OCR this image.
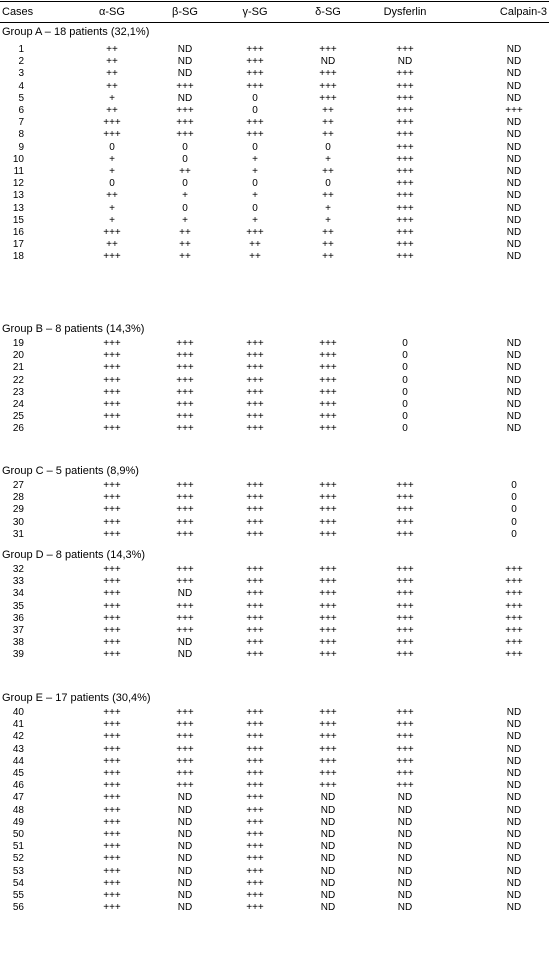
Cases	α-SG	β-SG	γ-SG	δ-SG	Dysferlin	Calpain-3
Group A – 18 patients (32,1%)
1	++	ND	+++	+++	+++	ND
2	++	ND	+++	ND	ND	ND
3	++	ND	+++	+++	+++	ND
4	++	+++	+++	+++	+++	ND
5	+	ND	0	+++	+++	ND
6	++	+++	0	++	+++	+++
7	+++	+++	+++	++	+++	ND
8	+++	+++	+++	++	+++	ND
9	0	0	0	0	+++	ND
10	+	0	+	+	+++	ND
11	+	++	+	++	+++	ND
12	0	0	0	0	+++	ND
13	++	+	+	++	+++	ND
13	+	0	0	+	+++	ND
15	+	+	+	+	+++	ND
16	+++	++	+++	++	+++	ND
17	++	++	++	++	+++	ND
18	+++	++	++	++	+++	ND
Group B – 8 patients (14,3%)
19	+++	+++	+++	+++	0	ND
20	+++	+++	+++	+++	0	ND
21	+++	+++	+++	+++	0	ND
22	+++	+++	+++	+++	0	ND
23	+++	+++	+++	+++	0	ND
24	+++	+++	+++	+++	0	ND
25	+++	+++	+++	+++	0	ND
26	+++	+++	+++	+++	0	ND
Group C – 5 patients (8,9%)
27	+++	+++	+++	+++	+++	0
28	+++	+++	+++	+++	+++	0
29	+++	+++	+++	+++	+++	0
30	+++	+++	+++	+++	+++	0
31	+++	+++	+++	+++	+++	0
Group D – 8 patients (14,3%)
32	+++	+++	+++	+++	+++	+++
33	+++	+++	+++	+++	+++	+++
34	+++	ND	+++	+++	+++	+++
35	+++	+++	+++	+++	+++	+++
36	+++	+++	+++	+++	+++	+++
37	+++	+++	+++	+++	+++	+++
38	+++	ND	+++	+++	+++	+++
39	+++	ND	+++	+++	+++	+++
Group E – 17 patients (30,4%)
40	+++	+++	+++	+++	+++	ND
41	+++	+++	+++	+++	+++	ND
42	+++	+++	+++	+++	+++	ND
43	+++	+++	+++	+++	+++	ND
44	+++	+++	+++	+++	+++	ND
45	+++	+++	+++	+++	+++	ND
46	+++	+++	+++	+++	+++	ND
47	+++	ND	+++	ND	ND	ND
48	+++	ND	+++	ND	ND	ND
49	+++	ND	+++	ND	ND	ND
50	+++	ND	+++	ND	ND	ND
51	+++	ND	+++	ND	ND	ND
52	+++	ND	+++	ND	ND	ND
53	+++	ND	+++	ND	ND	ND
54	+++	ND	+++	ND	ND	ND
55	+++	ND	+++	ND	ND	ND
56	+++	ND	+++	ND	ND	ND
